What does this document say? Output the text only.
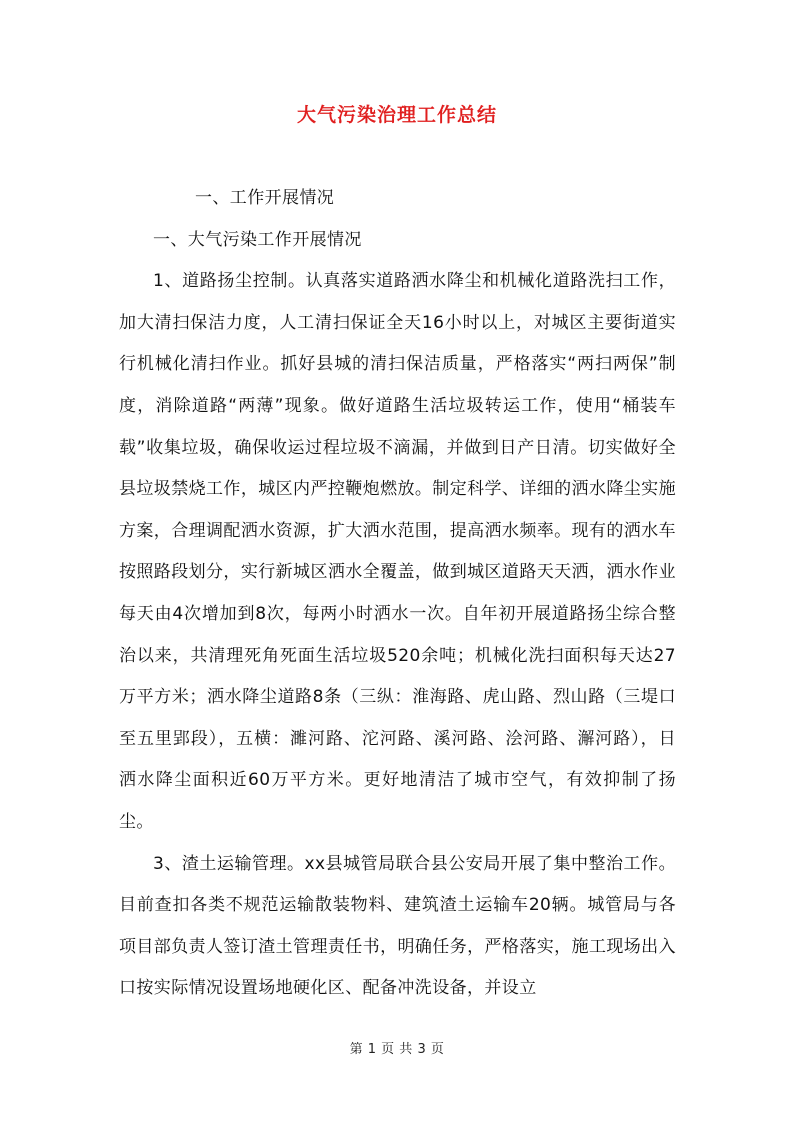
大气污染治理工作总结

一、工作开展情况

一、大气污染工作开展情况

1、道路扬尘控制。认真落实道路洒水降尘和机械化道路洗扫工作，加大清扫保洁力度，人工清扫保证全天16小时以上，对城区主要街道实行机械化清扫作业。抓好县城的清扫保洁质量，严格落实“两扫两保”制度，消除道路“两薄”现象。做好道路生活垃圾转运工作，使用“桶装车载”收集垃圾，确保收运过程垃圾不滴漏，并做到日产日清。切实做好全县垃圾禁烧工作，城区内严控鞭炮燃放。制定科学、详细的洒水降尘实施方案，合理调配洒水资源，扩大洒水范围，提高洒水频率。现有的洒水车按照路段划分，实行新城区洒水全覆盖，做到城区道路天天洒，洒水作业每天由4次增加到8次，每两小时洒水一次。自年初开展道路扬尘综合整治以来，共清理死角死面生活垃圾520余吨；机械化洗扫面积每天达27万平方米；洒水降尘道路8条（三纵：淮海路、虎山路、烈山路（三堤口至五里郢段），五横：濉河路、沱河路、溪河路、浍河路、澥河路），日洒水降尘面积近60万平方米。更好地清洁了城市空气，有效抑制了扬尘。

3、渣土运输管理。xx县城管局联合县公安局开展了集中整治工作。目前查扣各类不规范运输散装物料、建筑渣土运输车20辆。城管局与各项目部负责人签订渣土管理责任书，明确任务，严格落实，施工现场出入口按实际情况设置场地硬化区、配备冲洗设备，并设立

第 1 页 共 3 页
